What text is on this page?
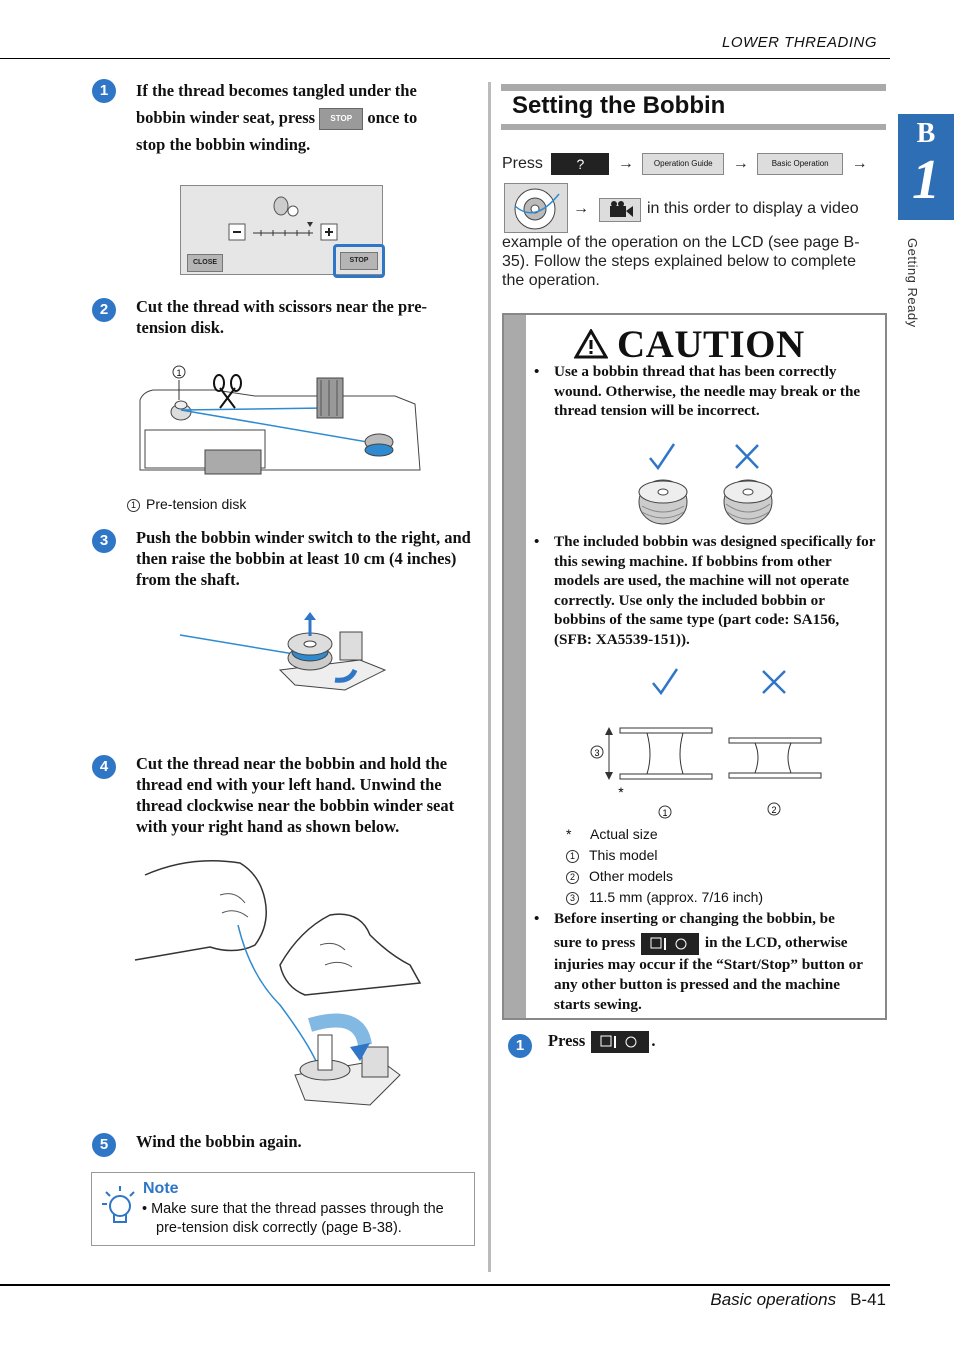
LOWER THREADING
B
1
Getting Ready
1	If the thread becomes tangled under the
bobbin winder seat, press STOP once to
stop the bobbin winding.
CLOSE	STOP
2	Cut the thread with scissors near the pre-tension disk.
1
1 Pre-tension disk
3	Push the bobbin winder switch to the right, and then raise the bobbin at least 10 cm (4 inches) from the shaft.
4	Cut the thread near the bobbin and hold the thread end with your left hand. Unwind the thread clockwise near the bobbin winder seat with your right hand as shown below.
5	Wind the bobbin again.
Note
• Make sure that the thread passes through the pre-tension disk correctly (page B-38).
Setting the Bobbin
Press ? →	Operation Guide →	Basic Operation →
→	in this order to display a video
example of the operation on the LCD (see page B-35). Follow the steps explained below to complete the operation.
CAUTION
• Use a bobbin thread that has been correctly wound. Otherwise, the needle may break or the thread tension will be incorrect.
• The included bobbin was designed specifically for this sewing machine. If bobbins from other models are used, the machine will not operate correctly. Use only the included bobbin or bobbins of the same type (part code: SA156, (SFB: XA5539-151)).
3
*
1	2
* Actual size
1 This model
2 Other models
3 11.5 mm (approx. 7/16 inch)
• Before inserting or changing the bobbin, be
sure to press	in the LCD, otherwise
injuries may occur if the “Start/Stop” button or any other button is pressed and the machine starts sewing.
1	Press	.
Basic operations B-41
